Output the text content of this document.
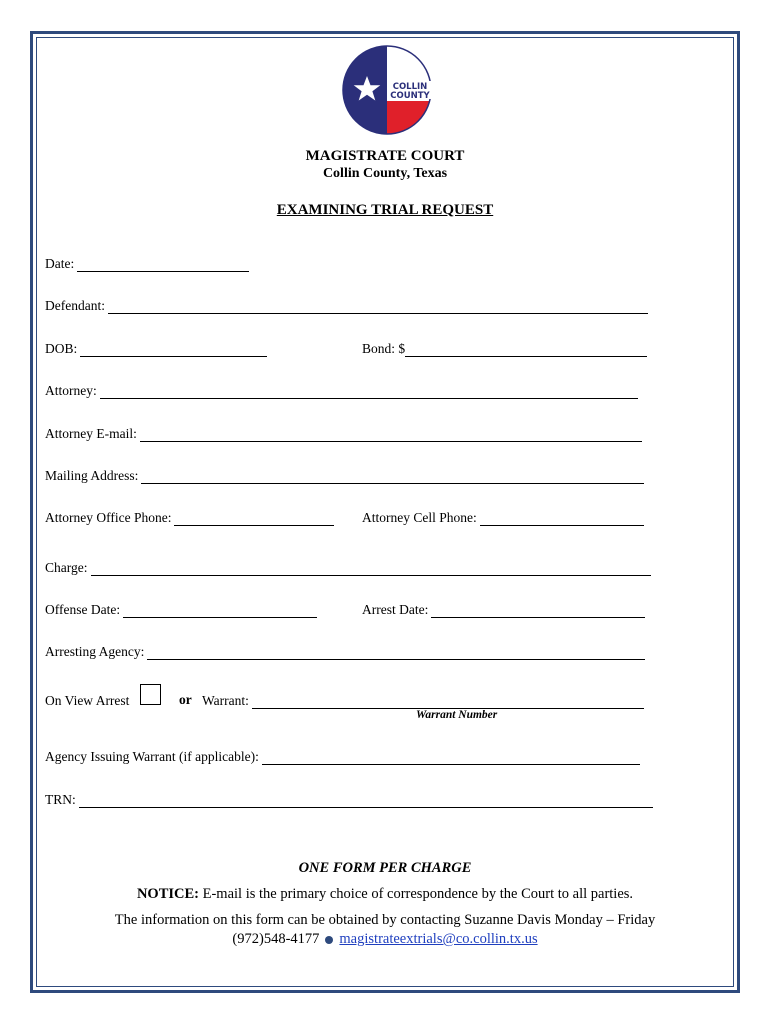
COLLIN
COUNTY
MAGISTRATE COURT
Collin County, Texas
EXAMINING TRIAL REQUEST
Date:
Defendant:
DOB:	Bond: $
Attorney:
Attorney E-mail:
Mailing Address:
Attorney Office Phone:	Attorney Cell Phone:
Charge:
Offense Date:	Arrest Date:
Arresting Agency:
On View Arrest	or Warrant:
Warrant Number
Agency Issuing Warrant (if applicable):
TRN:
ONE FORM PER CHARGE
NOTICE: E-mail is the primary choice of correspondence by the Court to all parties.
The information on this form can be obtained by contacting Suzanne Davis Monday – Friday
(972)548-4177 magistrateextrials@co.collin.tx.us
